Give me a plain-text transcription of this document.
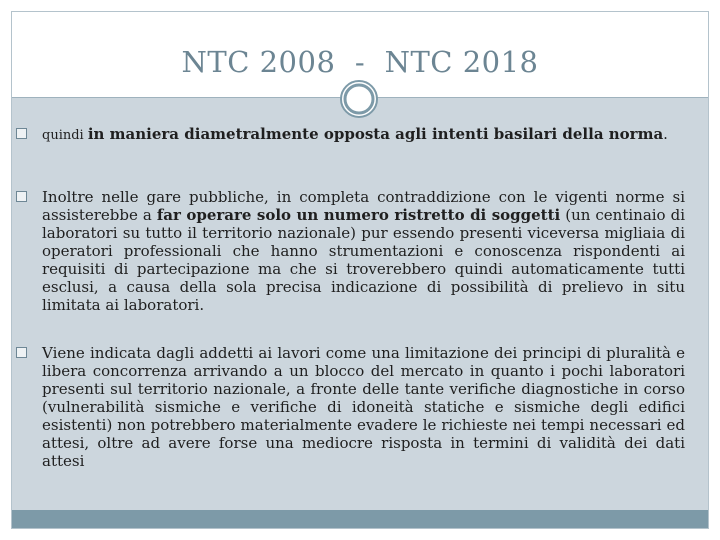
NTC 2008  -  NTC 2018
quindi in maniera diametralmente opposta agli intenti basilari della norma.
Inoltre nelle gare pubbliche, in completa contraddizione con le vigenti norme si assisterebbe a far operare solo un numero ristretto di soggetti (un centinaio di laboratori su tutto il territorio nazionale) pur essendo presenti viceversa migliaia di operatori professionali che hanno strumentazioni e conoscenza rispondenti ai requisiti di partecipazione ma che si troverebbero quindi automaticamente tutti esclusi, a causa della sola precisa indicazione di possibilità di prelievo in situ limitata ai laboratori.
Viene indicata dagli addetti ai lavori come una limitazione dei principi di pluralità e libera concorrenza arrivando a un blocco del mercato in quanto i pochi laboratori presenti sul territorio nazionale, a fronte delle tante verifiche diagnostiche in corso (vulnerabilità sismiche e verifiche di idoneità statiche e sismiche degli edifici esistenti) non potrebbero materialmente evadere le richieste nei tempi necessari ed attesi, oltre ad avere forse una mediocre risposta in termini di validità dei dati attesi
